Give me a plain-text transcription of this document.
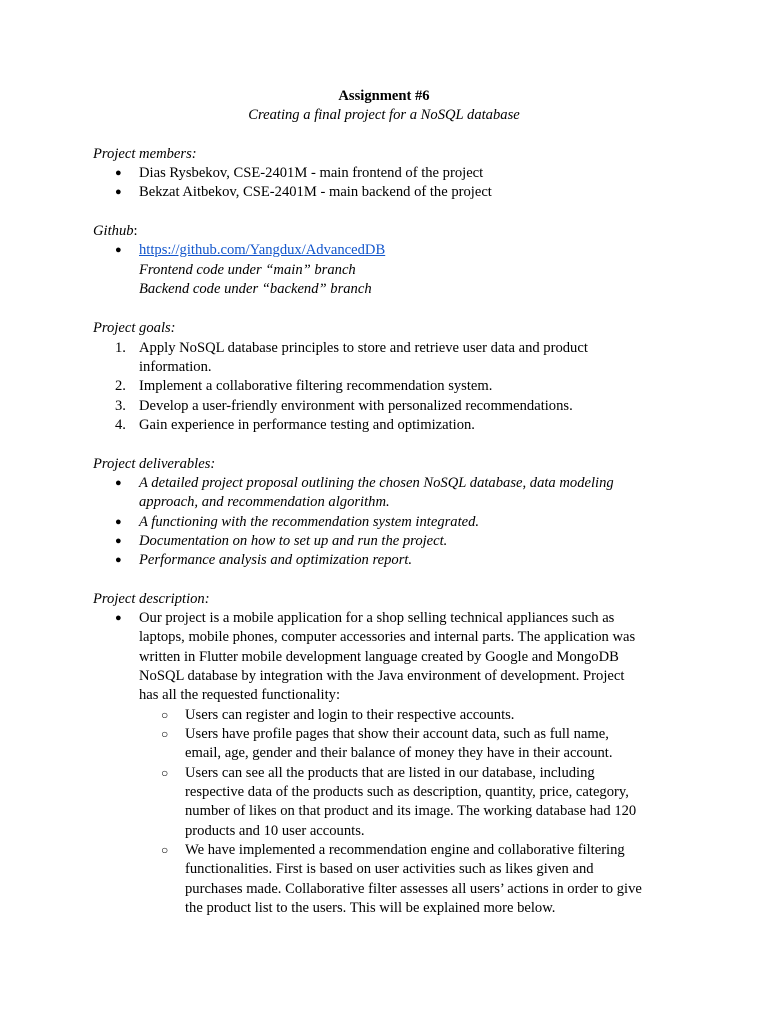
Assignment #6
Creating a final project for a NoSQL database
Project members:
● Dias Rysbekov, CSE-2401M - main frontend of the project
● Bekzat Aitbekov, CSE-2401M - main backend of the project
Github:
● https://github.com/Yangdux/AdvancedDB
Frontend code under “main” branch
Backend code under “backend” branch
Project goals:
1. Apply NoSQL database principles to store and retrieve user data and product
information.
2. Implement a collaborative filtering recommendation system.
3. Develop a user-friendly environment with personalized recommendations.
4. Gain experience in performance testing and optimization.
Project deliverables:
● A detailed project proposal outlining the chosen NoSQL database, data modeling
approach, and recommendation algorithm.
● A functioning with the recommendation system integrated.
● Documentation on how to set up and run the project.
● Performance analysis and optimization report.
Project description:
● Our project is a mobile application for a shop selling technical appliances such as
laptops, mobile phones, computer accessories and internal parts. The application was
written in Flutter mobile development language created by Google and MongoDB
NoSQL database by integration with the Java environment of development. Project
has all the requested functionality:
○ Users can register and login to their respective accounts.
○ Users have profile pages that show their account data, such as full name,
email, age, gender and their balance of money they have in their account.
○ Users can see all the products that are listed in our database, including
respective data of the products such as description, quantity, price, category,
number of likes on that product and its image. The working database had 120
products and 10 user accounts.
○ We have implemented a recommendation engine and collaborative filtering
functionalities. First is based on user activities such as likes given and
purchases made. Collaborative filter assesses all users’ actions in order to give
the product list to the users. This will be explained more below.
